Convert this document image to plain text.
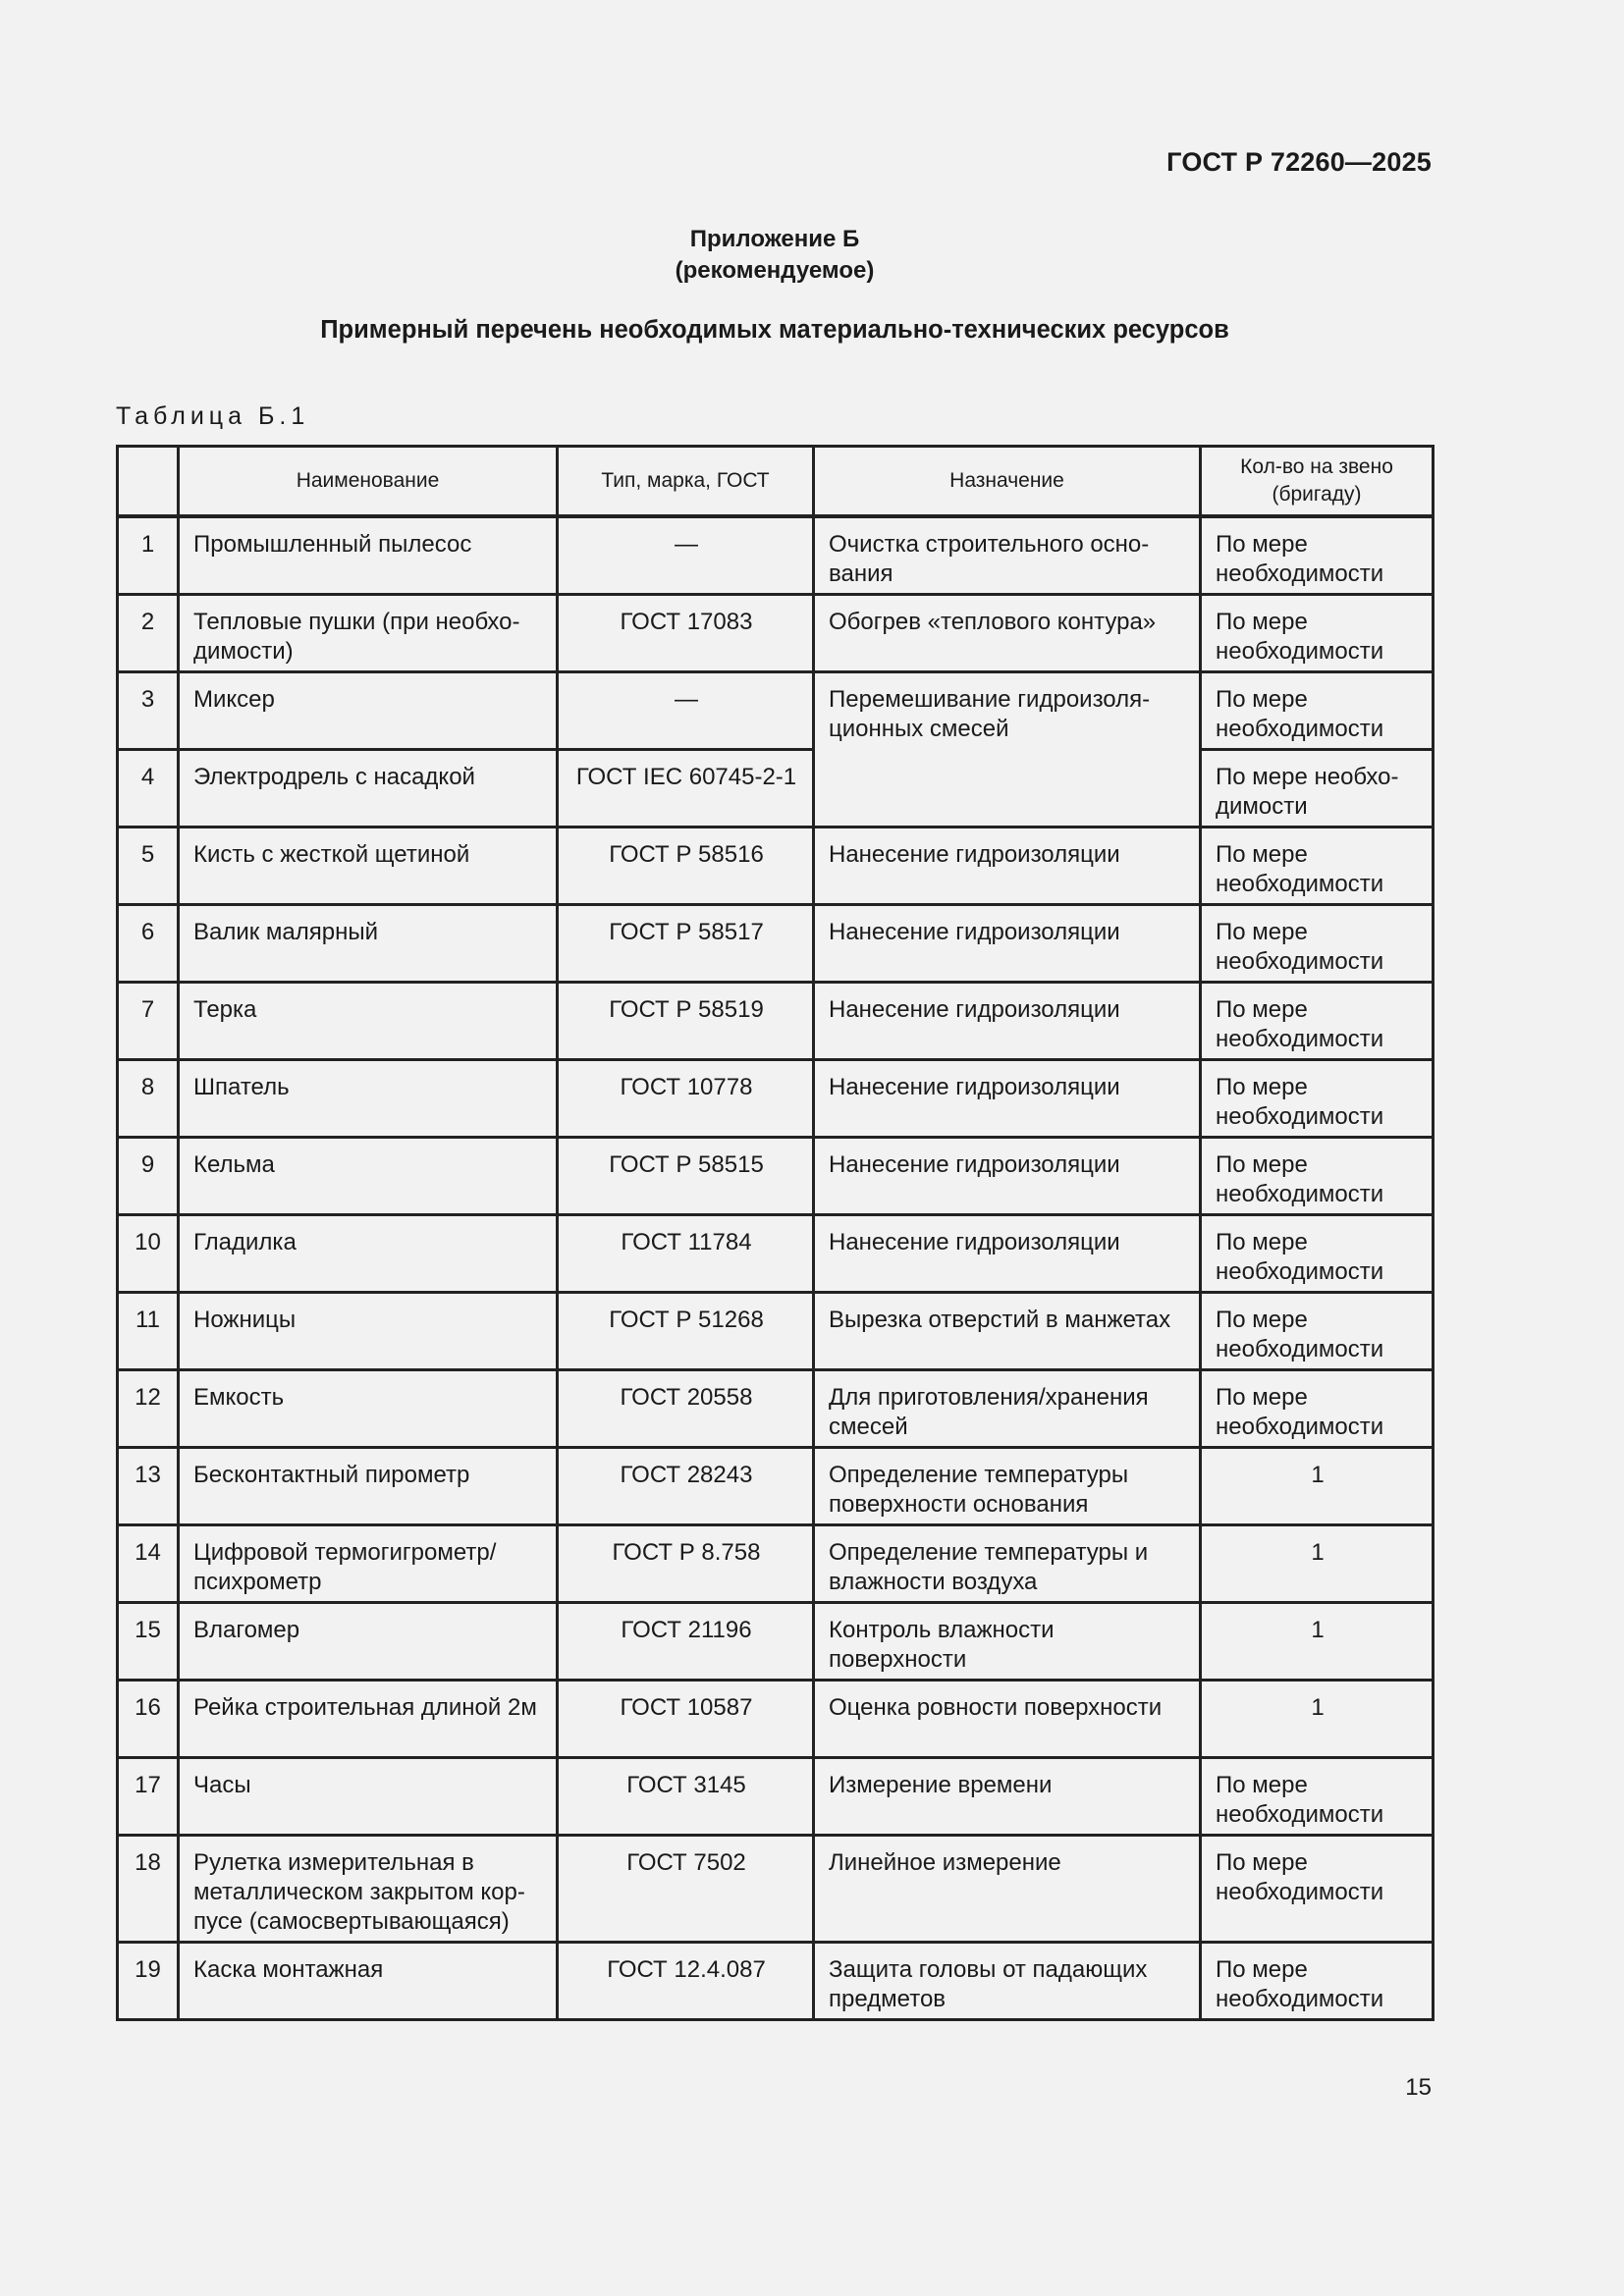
ГОСТ Р 72260—2025
Приложение Б
(рекомендуемое)
Примерный перечень необходимых материально-технических ресурсов
Таблица Б.1
	Наименование	Тип, марка, ГОСТ	Назначение	Кол-во на звено (бригаду)
1	Промышленный пылесос	—	Очистка строительного осно-вания	По мере необходимости
2	Тепловые пушки (при необхо-димости)	ГОСТ 17083	Обогрев «теплового контура»	По мере необходимости
3	Миксер	—	Перемешивание гидроизоля-ционных смесей	По мере необходимости
4	Электродрель с насадкой	ГОСТ IEC 60745-2-1		По мере необхо-димости
5	Кисть с жесткой щетиной	ГОСТ Р 58516	Нанесение гидроизоляции	По мере необходимости
6	Валик малярный	ГОСТ Р 58517	Нанесение гидроизоляции	По мере необходимости
7	Терка	ГОСТ Р 58519	Нанесение гидроизоляции	По мере необходимости
8	Шпатель	ГОСТ 10778	Нанесение гидроизоляции	По мере необходимости
9	Кельма	ГОСТ Р 58515	Нанесение гидроизоляции	По мере необходимости
10	Гладилка	ГОСТ 11784	Нанесение гидроизоляции	По мере необходимости
11	Ножницы	ГОСТ Р 51268	Вырезка отверстий в манжетах	По мере необходимости
12	Емкость	ГОСТ 20558	Для приготовления/хранения смесей	По мере необходимости
13	Бесконтактный пирометр	ГОСТ 28243	Определение температуры поверхности основания	1
14	Цифровой термогигрометр/ психрометр	ГОСТ Р 8.758	Определение температуры и влажности воздуха	1
15	Влагомер	ГОСТ 21196	Контроль влажности поверхности	1
16	Рейка строительная длиной 2м	ГОСТ 10587	Оценка ровности поверхности	1
17	Часы	ГОСТ 3145	Измерение времени	По мере необходимости
18	Рулетка измерительная в металлическом закрытом кор-пусе (самосвертывающаяся)	ГОСТ 7502	Линейное измерение	По мере необходимости
19	Каска монтажная	ГОСТ 12.4.087	Защита головы от падающих предметов	По мере необходимости
15
